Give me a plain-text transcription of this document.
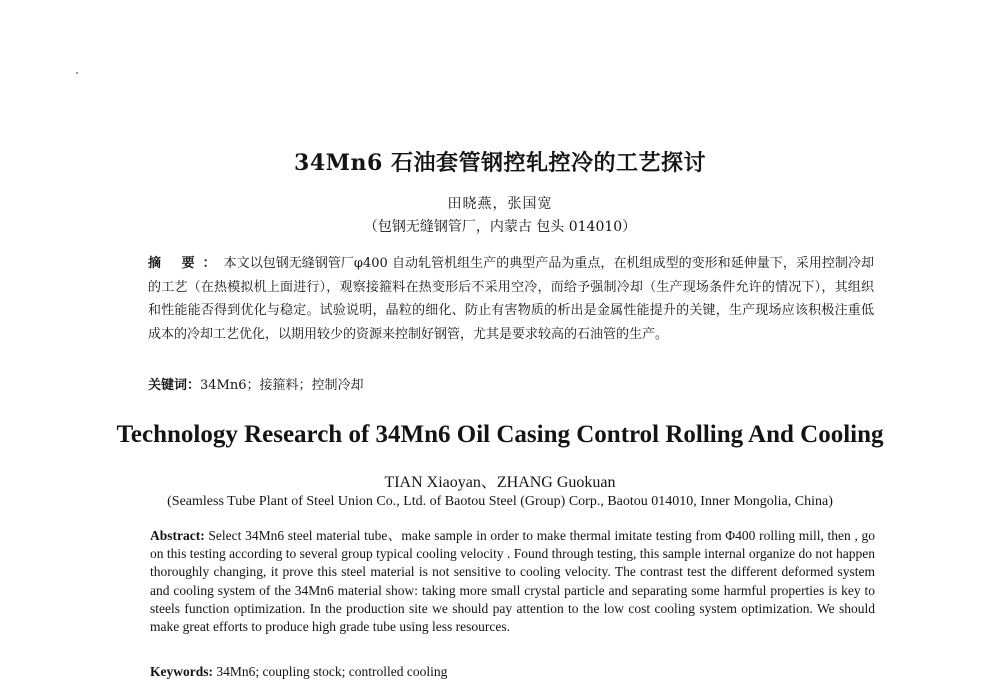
34Mn6 石油套管钢控轧控冷的工艺探讨
田晓燕，张国宽
（包钢无缝钢管厂，内蒙古 包头 014010）
摘 要：本文以包钢无缝钢管厂φ400 自动轧管机组生产的典型产品为重点，在机组成型的变形和延伸量下，采用控制冷却的工艺（在热模拟机上面进行），观察接箍料在热变形后不采用空冷，而给予强制冷却（生产现场条件允许的情况下），其组织和性能能否得到优化与稳定。试验说明，晶粒的细化、防止有害物质的析出是金属性能提升的关键，生产现场应该积极注重低成本的冷却工艺优化，以期用较少的资源来控制好钢管，尤其是要求较高的石油管的生产。
关键词：34Mn6；接箍料；控制冷却
Technology Research of 34Mn6 Oil Casing Control Rolling And Cooling
TIAN Xiaoyan、ZHANG Guokuan
(Seamless Tube Plant of Steel Union Co., Ltd. of Baotou Steel (Group) Corp., Baotou 014010, Inner Mongolia, China)
Abstract: Select 34Mn6 steel material tube、make sample in order to make thermal imitate testing from Φ400 rolling mill, then , go on this testing according to several group typical cooling velocity . Found through testing, this sample internal organize do not happen thoroughly changing, it prove this steel material is not sensitive to cooling velocity. The contrast test the different deformed system and cooling system of the 34Mn6 material show: taking more small crystal particle and separating some harmful properties is key to steels function optimization. In the production site we should pay attention to the low cost cooling system optimization. We should make great efforts to produce high grade tube using less resources.
Keywords: 34Mn6; coupling stock; controlled cooling
